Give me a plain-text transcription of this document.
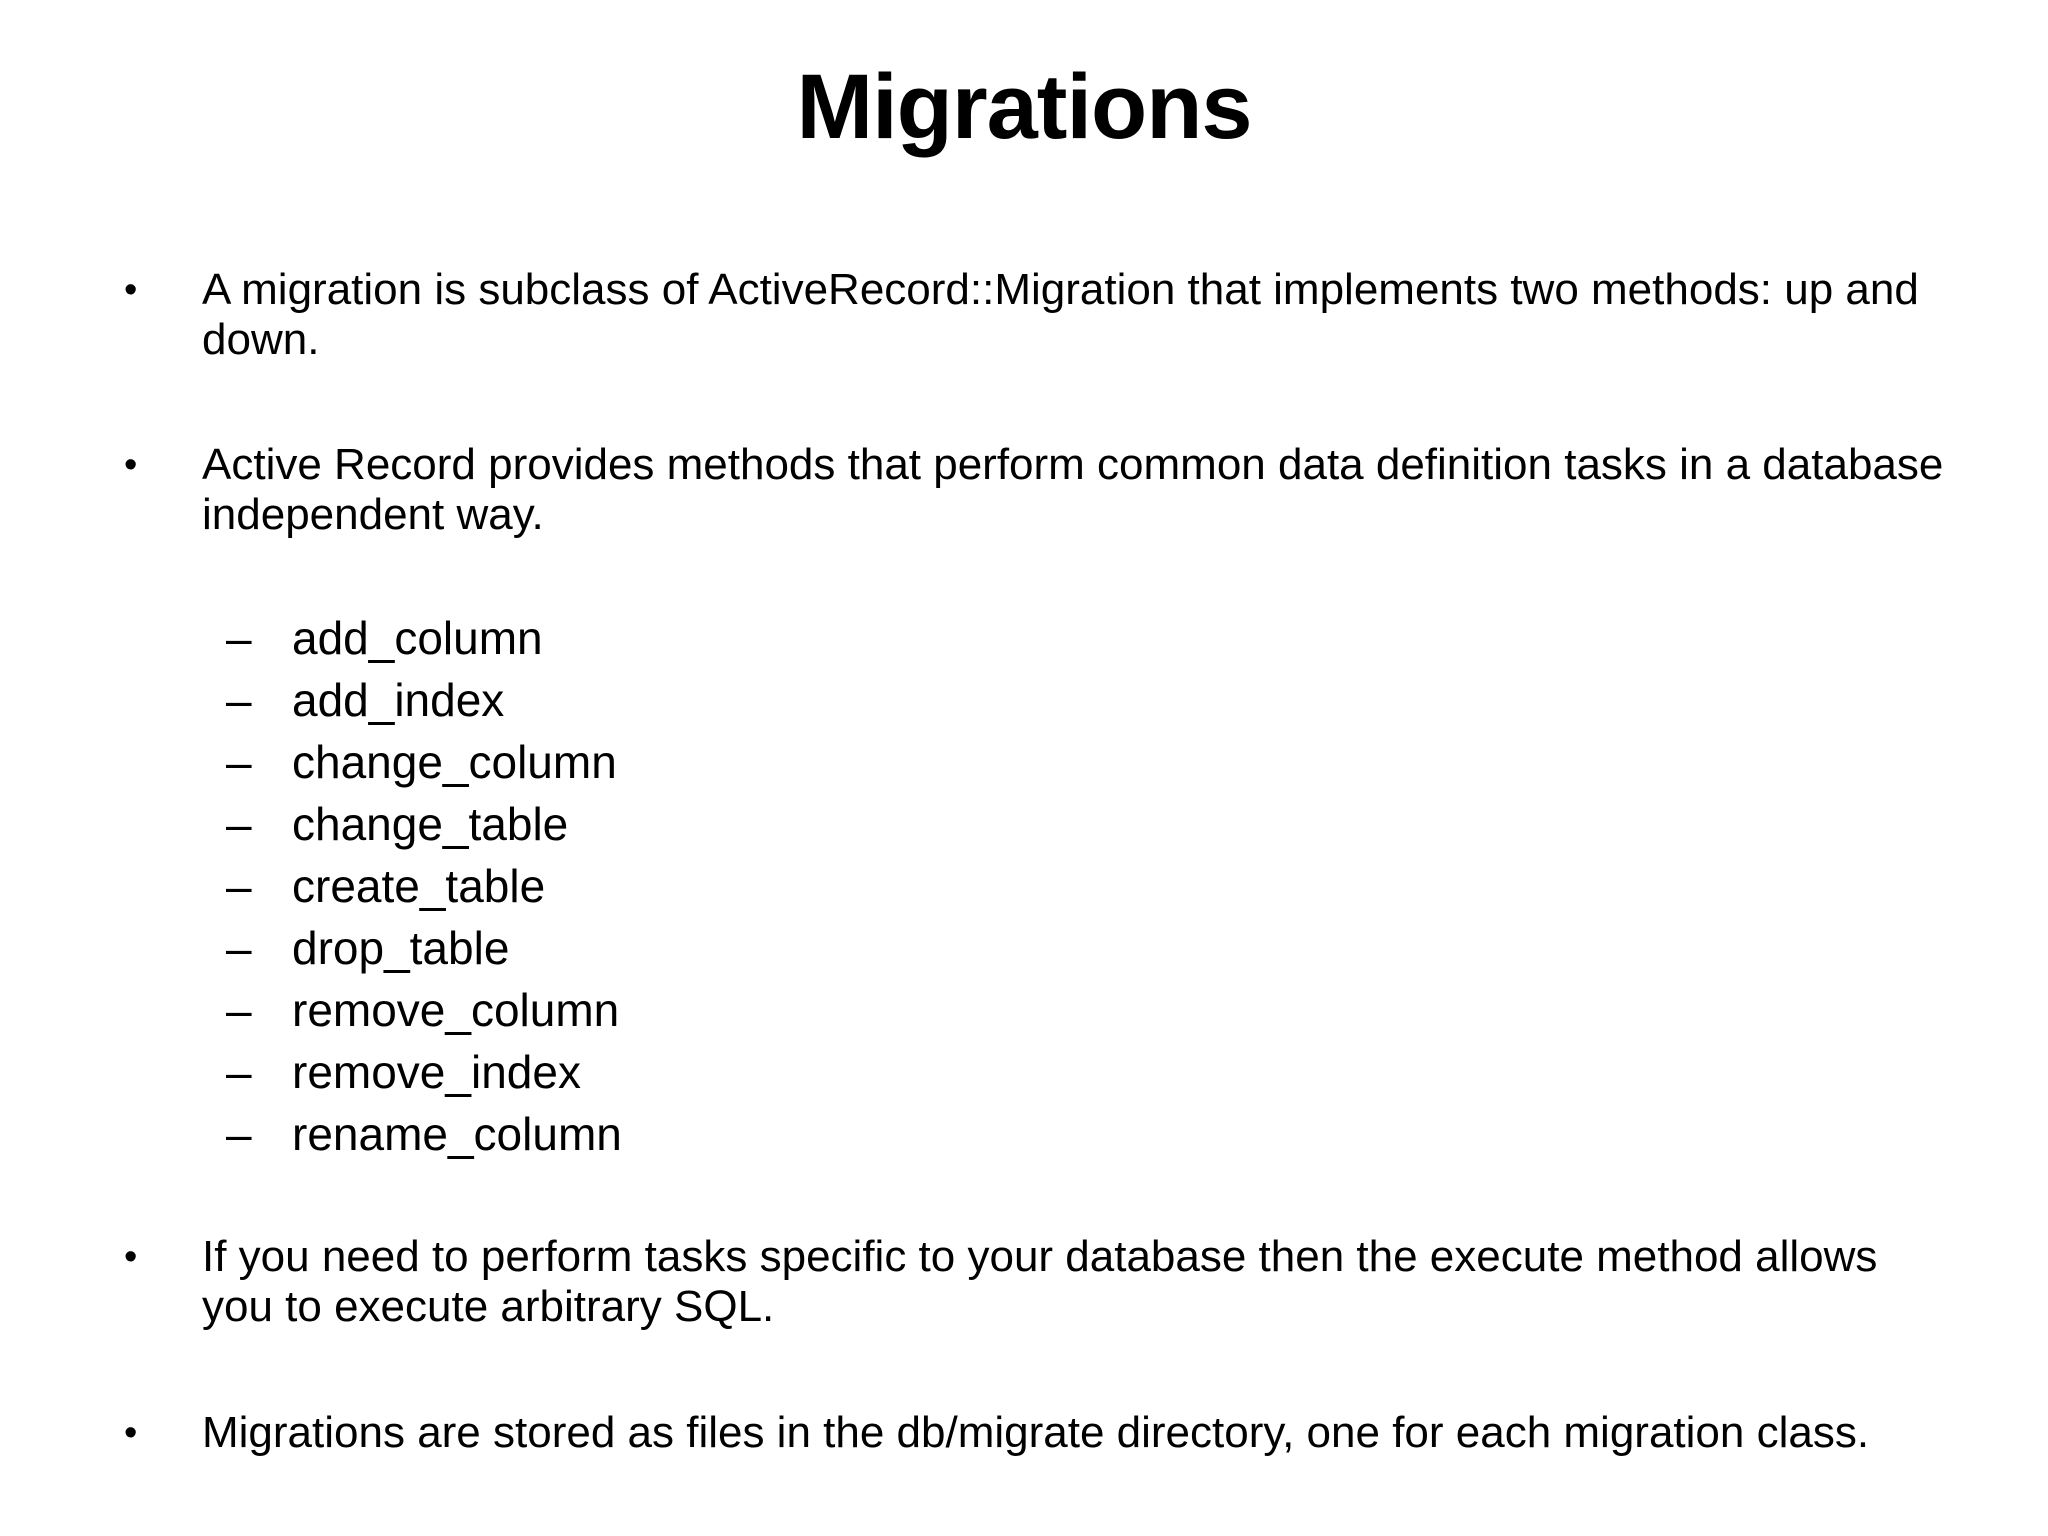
Migrations
• A migration is subclass of ActiveRecord::Migration that implements two methods: up and down.
• Active Record provides methods that perform common data definition tasks in a database independent way.
– add_column
– add_index
– change_column
– change_table
– create_table
– drop_table
– remove_column
– remove_index
– rename_column
• If you need to perform tasks specific to your database then the execute method allows you to execute arbitrary SQL.
• Migrations are stored as files in the db/migrate directory, one for each migration class.
